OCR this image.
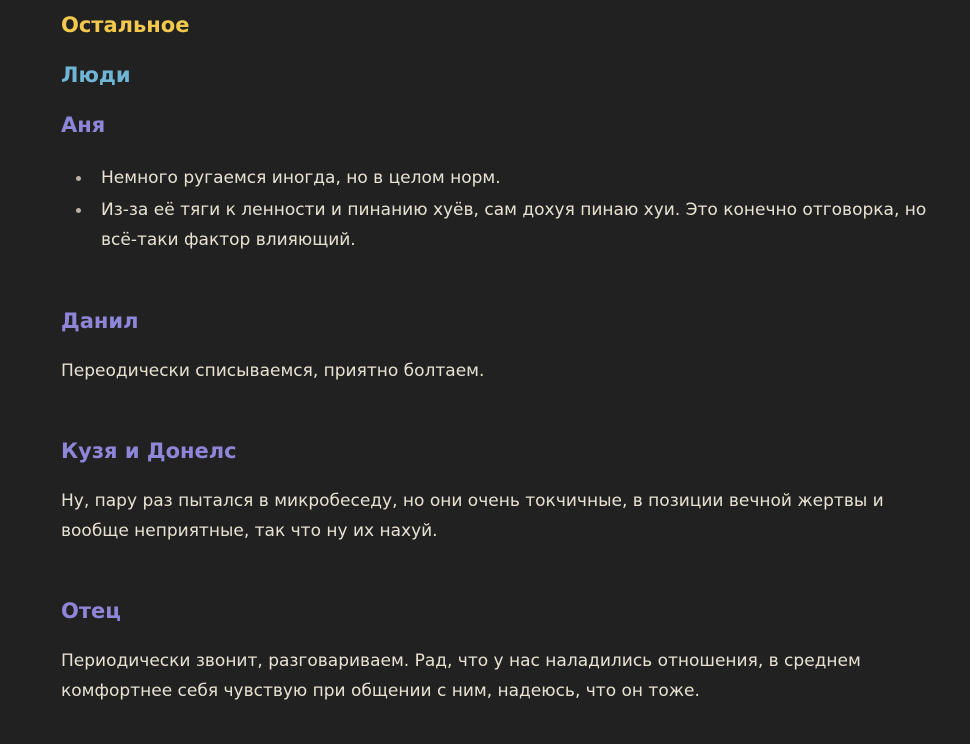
Остальное
Люди
Аня
Немного ругаемся иногда, но в целом норм.
Из-за её тяги к ленности и пинанию хуёв, сам дохуя пинаю хуи. Это конечно отговорка, но всё-таки фактор влияющий.
Данил

Переодически списываемся, приятно болтаем.

Кузя и Донелс

Ну, пару раз пытался в микробеседу, но они очень токчичные, в позиции вечной жертвы и вообще неприятные, так что ну их нахуй.

Отец

Периодически звонит, разговариваем. Рад, что у нас наладились отношения, в среднем комфортнее себя чувствую при общении с ним, надеюсь, что он тоже.
